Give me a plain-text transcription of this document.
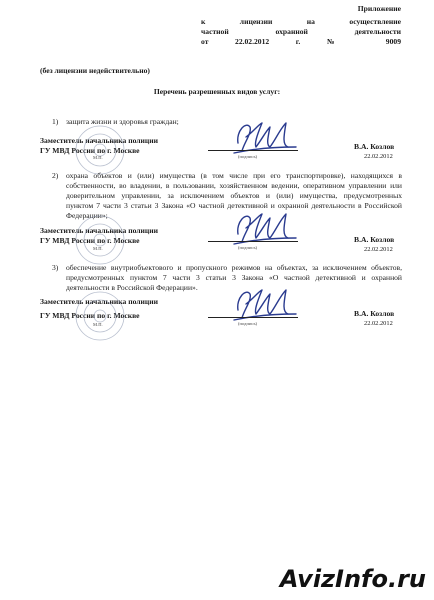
Приложение
к лицензии на осуществление
частной охранной деятельности
от 22.02.2012 г. № 9009
(без лицензии недействительно)
Перечень разрешенных видов услуг:
1) защита жизни и здоровья граждан;
Заместитель начальника полиции
ГУ МВД России по г. Москве
М.П.	(подпись)
В.А. Козлов
22.02.2012
2) охрана объектов и (или) имущества (в том числе при его транспортировке), находящихся в
собственности, во владении, в пользовании, хозяйственном ведении, оперативном управлении или
доверительном управлении, за исключением объектов и (или) имущества, предусмотренных
пунктом 7 части 3 статьи 3 Закона «О частной детективной и охранной деятельности в Российской
Федерации»;
Заместитель начальника полиции
ГУ МВД России по г. Москве
М.П.	(подпись)
В.А. Козлов
22.02.2012
3) обеспечение внутриобъектового и пропускного режимов на объектах, за исключением объектов,
предусмотренных пунктом 7 части 3 статьи 3 Закона «О частной детективной и охранной
деятельности в Российской Федерации».
Заместитель начальника полиции
ГУ МВД России по г. Москве
М.П.	(подпись)
В.А. Козлов
22.02.2012
AvizInfo.ru
